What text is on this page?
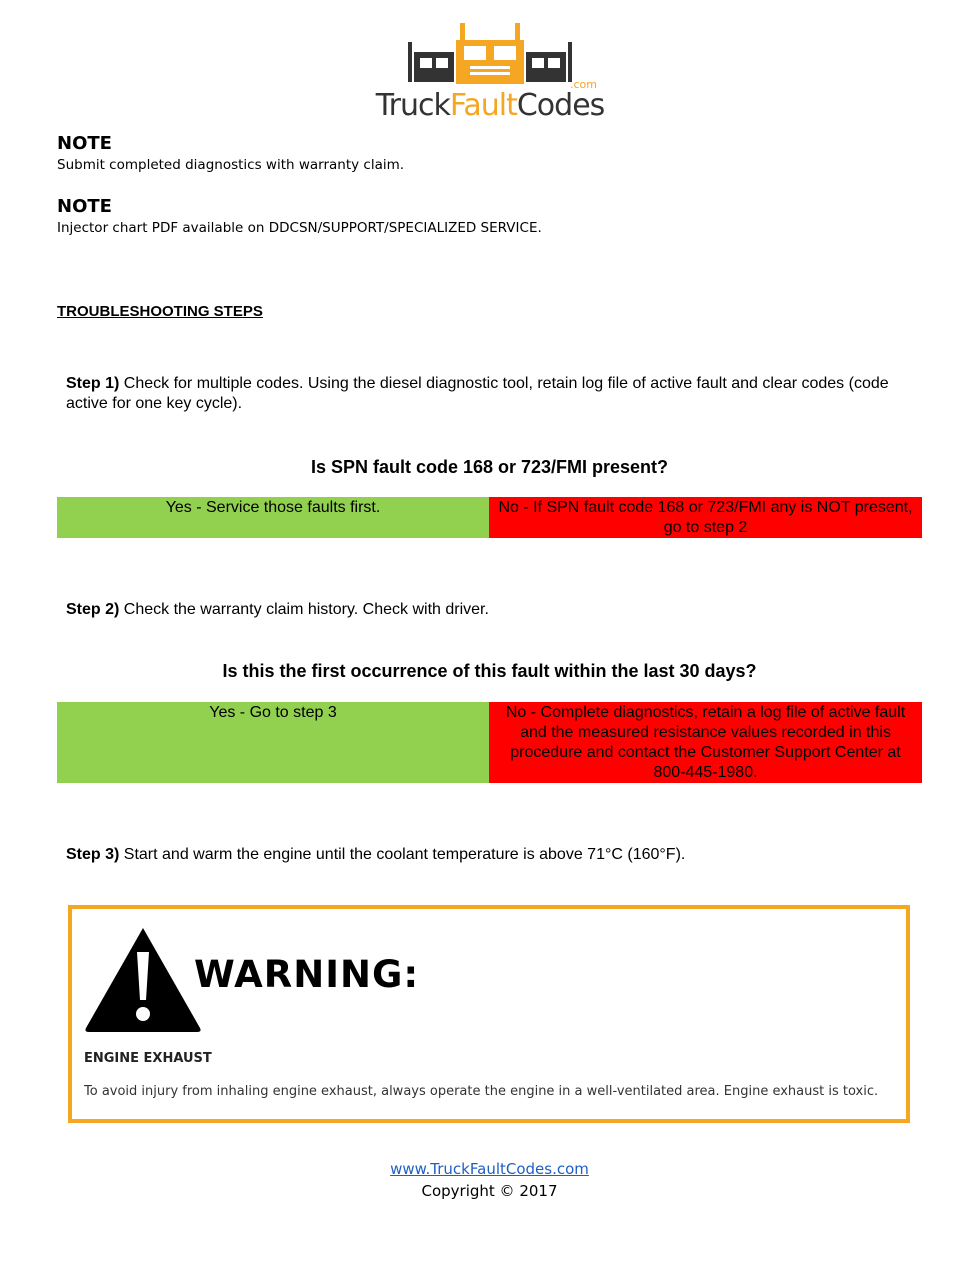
.com
TruckFaultCodes
NOTE
Submit completed diagnostics with warranty claim.
NOTE
Injector chart PDF available on DDCSN/SUPPORT/SPECIALIZED SERVICE.
TROUBLESHOOTING STEPS
Step 1) Check for multiple codes. Using the diesel diagnostic tool, retain log file of active fault and clear codes (code active for one key cycle).
Is SPN fault code 168 or 723/FMI present?
Yes - Service those faults first.	No - If SPN fault code 168 or 723/FMI any is NOT present, go to step 2
Step 2) Check the warranty claim history. Check with driver.
Is this the first occurrence of this fault within the last 30 days?
Yes - Go to step 3	No - Complete diagnostics, retain a log file of active fault and the measured resistance values recorded in this procedure and contact the Customer Support Center at 800-445-1980.
Step 3) Start and warm the engine until the coolant temperature is above 71°C (160°F).
WARNING:
ENGINE EXHAUST
To avoid injury from inhaling engine exhaust, always operate the engine in a well-ventilated area. Engine exhaust is toxic.
www.TruckFaultCodes.com
Copyright © 2017
